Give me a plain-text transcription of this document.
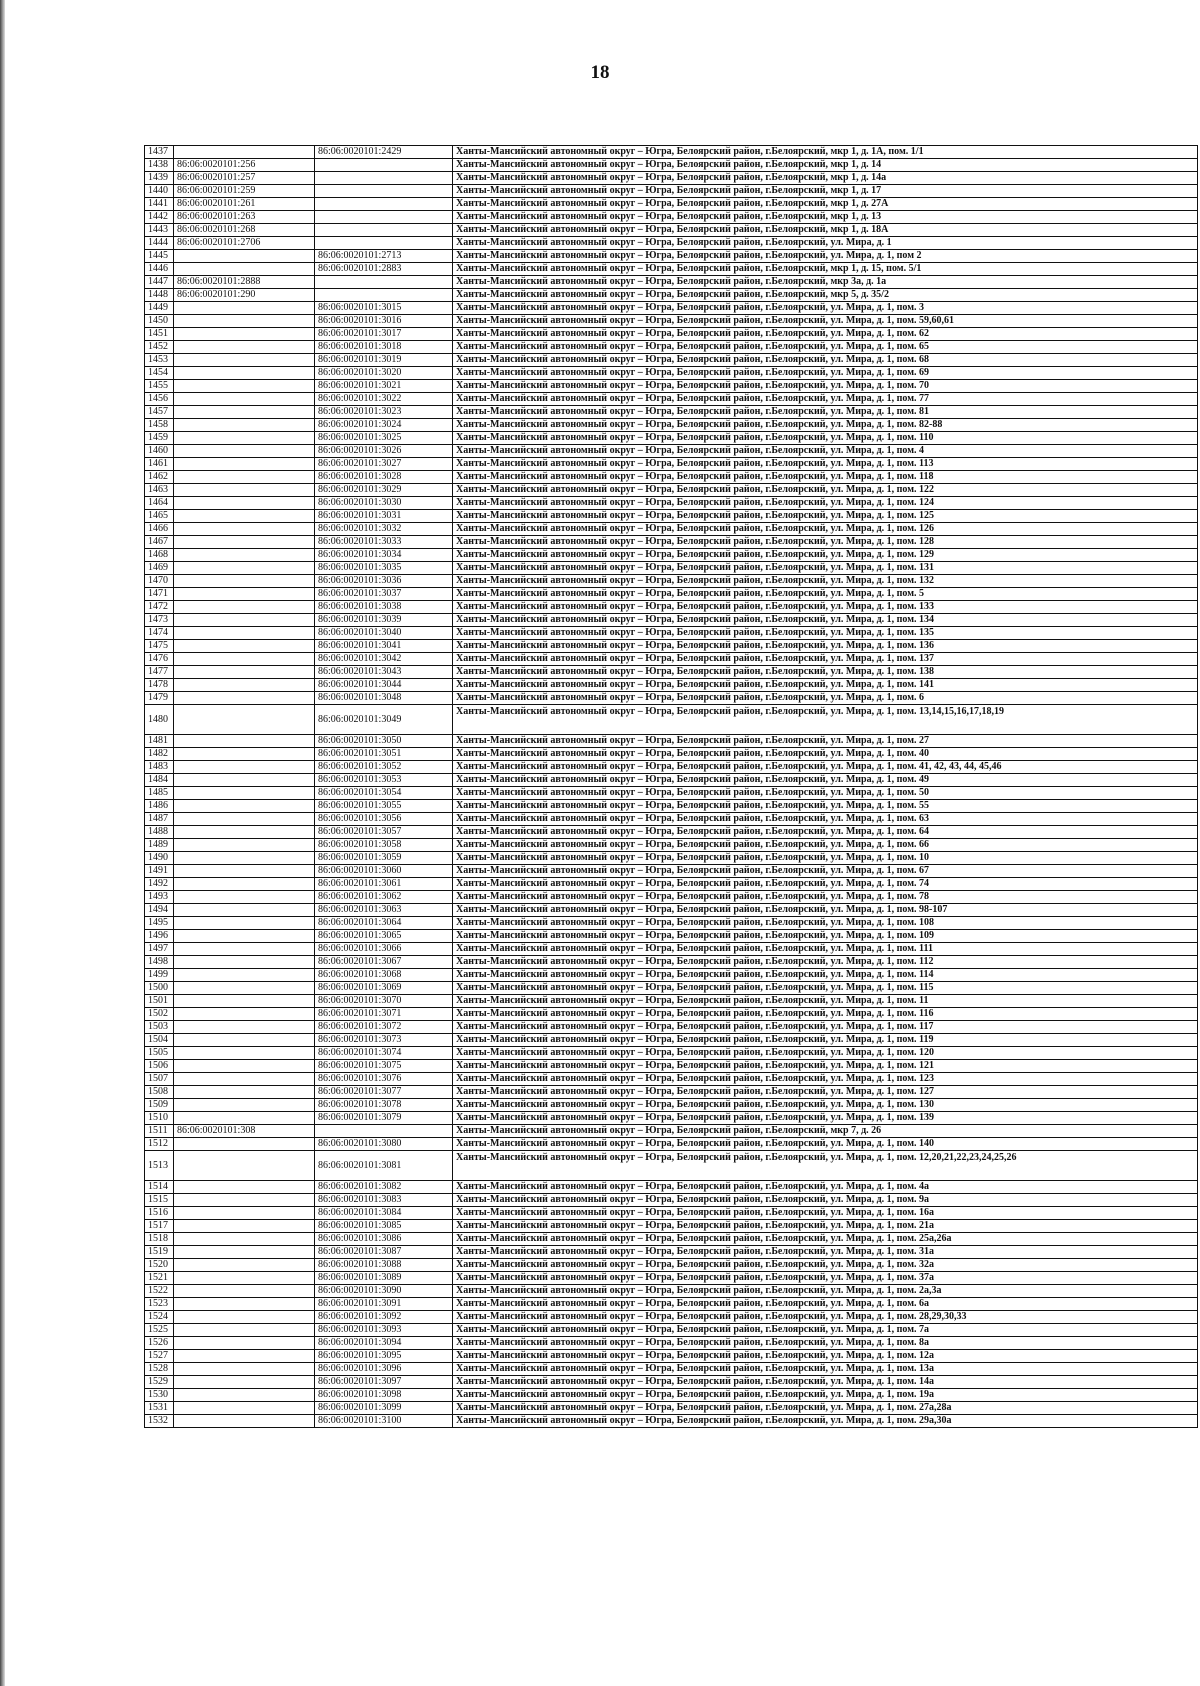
18
1437		86:06:0020101:2429	Ханты-Мансийский автономный округ – Югра, Белоярский район, г.Белоярский, мкр 1, д. 1А, пом. 1/1
1438	86:06:0020101:256		Ханты-Мансийский автономный округ – Югра, Белоярский район, г.Белоярский, мкр 1, д. 14
1439	86:06:0020101:257		Ханты-Мансийский автономный округ – Югра, Белоярский район, г.Белоярский, мкр 1, д. 14а
1440	86:06:0020101:259		Ханты-Мансийский автономный округ – Югра, Белоярский район, г.Белоярский, мкр 1, д. 17
1441	86:06:0020101:261		Ханты-Мансийский автономный округ – Югра, Белоярский район, г.Белоярский, мкр 1, д. 27А
1442	86:06:0020101:263		Ханты-Мансийский автономный округ – Югра, Белоярский район, г.Белоярский, мкр 1, д. 13
1443	86:06:0020101:268		Ханты-Мансийский автономный округ – Югра, Белоярский район, г.Белоярский, мкр 1, д. 18А
1444	86:06:0020101:2706		Ханты-Мансийский автономный округ – Югра, Белоярский район, г.Белоярский, ул. Мира, д. 1
1445		86:06:0020101:2713	Ханты-Мансийский автономный округ – Югра, Белоярский район, г.Белоярский, ул. Мира, д. 1, пом 2
1446		86:06:0020101:2883	Ханты-Мансийский автономный округ – Югра, Белоярский район, г.Белоярский, мкр 1, д. 15, пом. 5/1
1447	86:06:0020101:2888		Ханты-Мансийский автономный округ – Югра, Белоярский район, г.Белоярский, мкр 3а, д. 1а
1448	86:06:0020101:290		Ханты-Мансийский автономный округ – Югра, Белоярский район, г.Белоярский, мкр 5, д. 35/2
1449		86:06:0020101:3015	Ханты-Мансийский автономный округ – Югра, Белоярский район, г.Белоярский, ул. Мира, д. 1, пом. 3
1450		86:06:0020101:3016	Ханты-Мансийский автономный округ – Югра, Белоярский район, г.Белоярский, ул. Мира, д. 1, пом. 59,60,61
1451		86:06:0020101:3017	Ханты-Мансийский автономный округ – Югра, Белоярский район, г.Белоярский, ул. Мира, д. 1, пом. 62
1452		86:06:0020101:3018	Ханты-Мансийский автономный округ – Югра, Белоярский район, г.Белоярский, ул. Мира, д. 1, пом. 65
1453		86:06:0020101:3019	Ханты-Мансийский автономный округ – Югра, Белоярский район, г.Белоярский, ул. Мира, д. 1, пом. 68
1454		86:06:0020101:3020	Ханты-Мансийский автономный округ – Югра, Белоярский район, г.Белоярский, ул. Мира, д. 1, пом. 69
1455		86:06:0020101:3021	Ханты-Мансийский автономный округ – Югра, Белоярский район, г.Белоярский, ул. Мира, д. 1, пом. 70
1456		86:06:0020101:3022	Ханты-Мансийский автономный округ – Югра, Белоярский район, г.Белоярский, ул. Мира, д. 1, пом. 77
1457		86:06:0020101:3023	Ханты-Мансийский автономный округ – Югра, Белоярский район, г.Белоярский, ул. Мира, д. 1, пом. 81
1458		86:06:0020101:3024	Ханты-Мансийский автономный округ – Югра, Белоярский район, г.Белоярский, ул. Мира, д. 1, пом. 82-88
1459		86:06:0020101:3025	Ханты-Мансийский автономный округ – Югра, Белоярский район, г.Белоярский, ул. Мира, д. 1, пом. 110
1460		86:06:0020101:3026	Ханты-Мансийский автономный округ – Югра, Белоярский район, г.Белоярский, ул. Мира, д. 1, пом. 4
1461		86:06:0020101:3027	Ханты-Мансийский автономный округ – Югра, Белоярский район, г.Белоярский, ул. Мира, д. 1, пом. 113
1462		86:06:0020101:3028	Ханты-Мансийский автономный округ – Югра, Белоярский район, г.Белоярский, ул. Мира, д. 1, пом. 118
1463		86:06:0020101:3029	Ханты-Мансийский автономный округ – Югра, Белоярский район, г.Белоярский, ул. Мира, д. 1, пом. 122
1464		86:06:0020101:3030	Ханты-Мансийский автономный округ – Югра, Белоярский район, г.Белоярский, ул. Мира, д. 1, пом. 124
1465		86:06:0020101:3031	Ханты-Мансийский автономный округ – Югра, Белоярский район, г.Белоярский, ул. Мира, д. 1, пом. 125
1466		86:06:0020101:3032	Ханты-Мансийский автономный округ – Югра, Белоярский район, г.Белоярский, ул. Мира, д. 1, пом. 126
1467		86:06:0020101:3033	Ханты-Мансийский автономный округ – Югра, Белоярский район, г.Белоярский, ул. Мира, д. 1, пом. 128
1468		86:06:0020101:3034	Ханты-Мансийский автономный округ – Югра, Белоярский район, г.Белоярский, ул. Мира, д. 1, пом. 129
1469		86:06:0020101:3035	Ханты-Мансийский автономный округ – Югра, Белоярский район, г.Белоярский, ул. Мира, д. 1, пом. 131
1470		86:06:0020101:3036	Ханты-Мансийский автономный округ – Югра, Белоярский район, г.Белоярский, ул. Мира, д. 1, пом. 132
1471		86:06:0020101:3037	Ханты-Мансийский автономный округ – Югра, Белоярский район, г.Белоярский, ул. Мира, д. 1, пом. 5
1472		86:06:0020101:3038	Ханты-Мансийский автономный округ – Югра, Белоярский район, г.Белоярский, ул. Мира, д. 1, пом. 133
1473		86:06:0020101:3039	Ханты-Мансийский автономный округ – Югра, Белоярский район, г.Белоярский, ул. Мира, д. 1, пом. 134
1474		86:06:0020101:3040	Ханты-Мансийский автономный округ – Югра, Белоярский район, г.Белоярский, ул. Мира, д. 1, пом. 135
1475		86:06:0020101:3041	Ханты-Мансийский автономный округ – Югра, Белоярский район, г.Белоярский, ул. Мира, д. 1, пом. 136
1476		86:06:0020101:3042	Ханты-Мансийский автономный округ – Югра, Белоярский район, г.Белоярский, ул. Мира, д. 1, пом. 137
1477		86:06:0020101:3043	Ханты-Мансийский автономный округ – Югра, Белоярский район, г.Белоярский, ул. Мира, д. 1, пом. 138
1478		86:06:0020101:3044	Ханты-Мансийский автономный округ – Югра, Белоярский район, г.Белоярский, ул. Мира, д. 1, пом. 141
1479		86:06:0020101:3048	Ханты-Мансийский автономный округ – Югра, Белоярский район, г.Белоярский, ул. Мира, д. 1, пом. 6
1480		86:06:0020101:3049	Ханты-Мансийский автономный округ – Югра, Белоярский район, г.Белоярский, ул. Мира, д. 1, пом. 13,14,15,16,17,18,19
1481		86:06:0020101:3050	Ханты-Мансийский автономный округ – Югра, Белоярский район, г.Белоярский, ул. Мира, д. 1, пом. 27
1482		86:06:0020101:3051	Ханты-Мансийский автономный округ – Югра, Белоярский район, г.Белоярский, ул. Мира, д. 1, пом. 40
1483		86:06:0020101:3052	Ханты-Мансийский автономный округ – Югра, Белоярский район, г.Белоярский, ул. Мира, д. 1, пом. 41, 42, 43, 44, 45,46
1484		86:06:0020101:3053	Ханты-Мансийский автономный округ – Югра, Белоярский район, г.Белоярский, ул. Мира, д. 1, пом. 49
1485		86:06:0020101:3054	Ханты-Мансийский автономный округ – Югра, Белоярский район, г.Белоярский, ул. Мира, д. 1, пом. 50
1486		86:06:0020101:3055	Ханты-Мансийский автономный округ – Югра, Белоярский район, г.Белоярский, ул. Мира, д. 1, пом. 55
1487		86:06:0020101:3056	Ханты-Мансийский автономный округ – Югра, Белоярский район, г.Белоярский, ул. Мира, д. 1, пом. 63
1488		86:06:0020101:3057	Ханты-Мансийский автономный округ – Югра, Белоярский район, г.Белоярский, ул. Мира, д. 1, пом. 64
1489		86:06:0020101:3058	Ханты-Мансийский автономный округ – Югра, Белоярский район, г.Белоярский, ул. Мира, д. 1, пом. 66
1490		86:06:0020101:3059	Ханты-Мансийский автономный округ – Югра, Белоярский район, г.Белоярский, ул. Мира, д. 1, пом. 10
1491		86:06:0020101:3060	Ханты-Мансийский автономный округ – Югра, Белоярский район, г.Белоярский, ул. Мира, д. 1, пом. 67
1492		86:06:0020101:3061	Ханты-Мансийский автономный округ – Югра, Белоярский район, г.Белоярский, ул. Мира, д. 1, пом. 74
1493		86:06:0020101:3062	Ханты-Мансийский автономный округ – Югра, Белоярский район, г.Белоярский, ул. Мира, д. 1, пом. 78
1494		86:06:0020101:3063	Ханты-Мансийский автономный округ – Югра, Белоярский район, г.Белоярский, ул. Мира, д. 1, пом. 98-107
1495		86:06:0020101:3064	Ханты-Мансийский автономный округ – Югра, Белоярский район, г.Белоярский, ул. Мира, д. 1, пом. 108
1496		86:06:0020101:3065	Ханты-Мансийский автономный округ – Югра, Белоярский район, г.Белоярский, ул. Мира, д. 1, пом. 109
1497		86:06:0020101:3066	Ханты-Мансийский автономный округ – Югра, Белоярский район, г.Белоярский, ул. Мира, д. 1, пом. 111
1498		86:06:0020101:3067	Ханты-Мансийский автономный округ – Югра, Белоярский район, г.Белоярский, ул. Мира, д. 1, пом. 112
1499		86:06:0020101:3068	Ханты-Мансийский автономный округ – Югра, Белоярский район, г.Белоярский, ул. Мира, д. 1, пом. 114
1500		86:06:0020101:3069	Ханты-Мансийский автономный округ – Югра, Белоярский район, г.Белоярский, ул. Мира, д. 1, пом. 115
1501		86:06:0020101:3070	Ханты-Мансийский автономный округ – Югра, Белоярский район, г.Белоярский, ул. Мира, д. 1, пом. 11
1502		86:06:0020101:3071	Ханты-Мансийский автономный округ – Югра, Белоярский район, г.Белоярский, ул. Мира, д. 1, пом. 116
1503		86:06:0020101:3072	Ханты-Мансийский автономный округ – Югра, Белоярский район, г.Белоярский, ул. Мира, д. 1, пом. 117
1504		86:06:0020101:3073	Ханты-Мансийский автономный округ – Югра, Белоярский район, г.Белоярский, ул. Мира, д. 1, пом. 119
1505		86:06:0020101:3074	Ханты-Мансийский автономный округ – Югра, Белоярский район, г.Белоярский, ул. Мира, д. 1, пом. 120
1506		86:06:0020101:3075	Ханты-Мансийский автономный округ – Югра, Белоярский район, г.Белоярский, ул. Мира, д. 1, пом. 121
1507		86:06:0020101:3076	Ханты-Мансийский автономный округ – Югра, Белоярский район, г.Белоярский, ул. Мира, д. 1, пом. 123
1508		86:06:0020101:3077	Ханты-Мансийский автономный округ – Югра, Белоярский район, г.Белоярский, ул. Мира, д. 1, пом. 127
1509		86:06:0020101:3078	Ханты-Мансийский автономный округ – Югра, Белоярский район, г.Белоярский, ул. Мира, д. 1, пом. 130
1510		86:06:0020101:3079	Ханты-Мансийский автономный округ – Югра, Белоярский район, г.Белоярский, ул. Мира, д. 1, пом. 139
1511	86:06:0020101:308		Ханты-Мансийский автономный округ – Югра, Белоярский район, г.Белоярский, мкр 7, д. 26
1512		86:06:0020101:3080	Ханты-Мансийский автономный округ – Югра, Белоярский район, г.Белоярский, ул. Мира, д. 1, пом. 140
1513		86:06:0020101:3081	Ханты-Мансийский автономный округ – Югра, Белоярский район, г.Белоярский, ул. Мира, д. 1, пом. 12,20,21,22,23,24,25,26
1514		86:06:0020101:3082	Ханты-Мансийский автономный округ – Югра, Белоярский район, г.Белоярский, ул. Мира, д. 1, пом. 4а
1515		86:06:0020101:3083	Ханты-Мансийский автономный округ – Югра, Белоярский район, г.Белоярский, ул. Мира, д. 1, пом. 9а
1516		86:06:0020101:3084	Ханты-Мансийский автономный округ – Югра, Белоярский район, г.Белоярский, ул. Мира, д. 1, пом. 16а
1517		86:06:0020101:3085	Ханты-Мансийский автономный округ – Югра, Белоярский район, г.Белоярский, ул. Мира, д. 1, пом. 21а
1518		86:06:0020101:3086	Ханты-Мансийский автономный округ – Югра, Белоярский район, г.Белоярский, ул. Мира, д. 1, пом. 25а,26а
1519		86:06:0020101:3087	Ханты-Мансийский автономный округ – Югра, Белоярский район, г.Белоярский, ул. Мира, д. 1, пом. 31а
1520		86:06:0020101:3088	Ханты-Мансийский автономный округ – Югра, Белоярский район, г.Белоярский, ул. Мира, д. 1, пом. 32а
1521		86:06:0020101:3089	Ханты-Мансийский автономный округ – Югра, Белоярский район, г.Белоярский, ул. Мира, д. 1, пом. 37а
1522		86:06:0020101:3090	Ханты-Мансийский автономный округ – Югра, Белоярский район, г.Белоярский, ул. Мира, д. 1, пом. 2а,3а
1523		86:06:0020101:3091	Ханты-Мансийский автономный округ – Югра, Белоярский район, г.Белоярский, ул. Мира, д. 1, пом. 6а
1524		86:06:0020101:3092	Ханты-Мансийский автономный округ – Югра, Белоярский район, г.Белоярский, ул. Мира, д. 1, пом. 28,29,30,33
1525		86:06:0020101:3093	Ханты-Мансийский автономный округ – Югра, Белоярский район, г.Белоярский, ул. Мира, д. 1, пом. 7а
1526		86:06:0020101:3094	Ханты-Мансийский автономный округ – Югра, Белоярский район, г.Белоярский, ул. Мира, д. 1, пом. 8а
1527		86:06:0020101:3095	Ханты-Мансийский автономный округ – Югра, Белоярский район, г.Белоярский, ул. Мира, д. 1, пом. 12а
1528		86:06:0020101:3096	Ханты-Мансийский автономный округ – Югра, Белоярский район, г.Белоярский, ул. Мира, д. 1, пом. 13а
1529		86:06:0020101:3097	Ханты-Мансийский автономный округ – Югра, Белоярский район, г.Белоярский, ул. Мира, д. 1, пом. 14а
1530		86:06:0020101:3098	Ханты-Мансийский автономный округ – Югра, Белоярский район, г.Белоярский, ул. Мира, д. 1, пом. 19а
1531		86:06:0020101:3099	Ханты-Мансийский автономный округ – Югра, Белоярский район, г.Белоярский, ул. Мира, д. 1, пом. 27а,28а
1532		86:06:0020101:3100	Ханты-Мансийский автономный округ – Югра, Белоярский район, г.Белоярский, ул. Мира, д. 1, пом. 29а,30а
